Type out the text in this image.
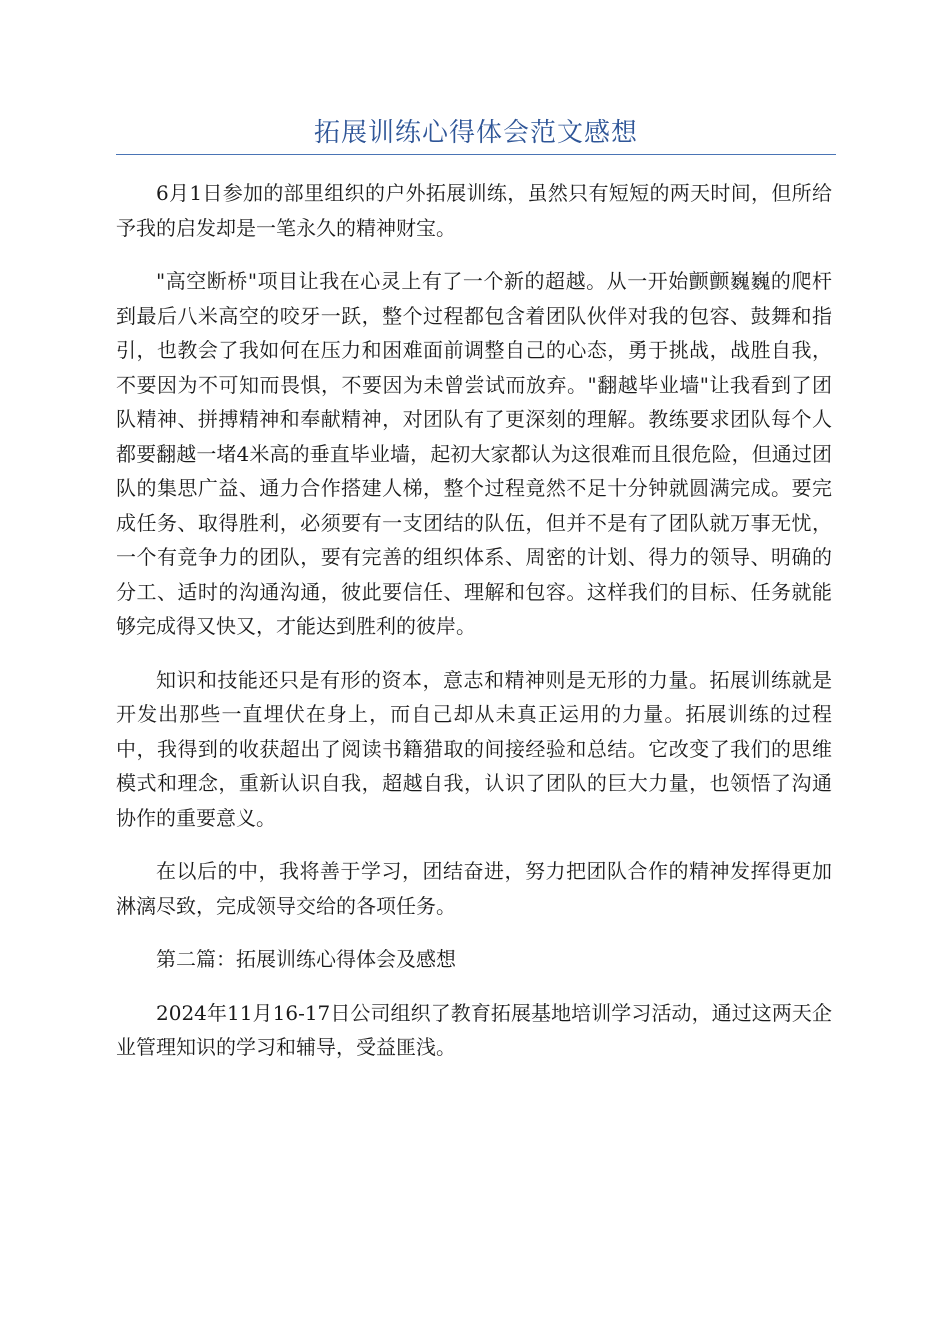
拓展训练心得体会范文感想

6月1日参加的部里组织的户外拓展训练，虽然只有短短的两天时间，但所给予我的启发却是一笔永久的精神财宝。

"高空断桥"项目让我在心灵上有了一个新的超越。从一开始颤颤巍巍的爬杆到最后八米高空的咬牙一跃，整个过程都包含着团队伙伴对我的包容、鼓舞和指引，也教会了我如何在压力和困难面前调整自己的心态，勇于挑战，战胜自我，不要因为不可知而畏惧，不要因为未曾尝试而放弃。"翻越毕业墙"让我看到了团队精神、拼搏精神和奉献精神，对团队有了更深刻的理解。教练要求团队每个人都要翻越一堵4米高的垂直毕业墙，起初大家都认为这很难而且很危险，但通过团队的集思广益、通力合作搭建人梯，整个过程竟然不足十分钟就圆满完成。要完成任务、取得胜利，必须要有一支团结的队伍，但并不是有了团队就万事无忧，一个有竞争力的团队，要有完善的组织体系、周密的计划、得力的领导、明确的分工、适时的沟通沟通，彼此要信任、理解和包容。这样我们的目标、任务就能够完成得又快又，才能达到胜利的彼岸。

知识和技能还只是有形的资本，意志和精神则是无形的力量。拓展训练就是开发出那些一直埋伏在身上，而自己却从未真正运用的力量。拓展训练的过程中，我得到的收获超出了阅读书籍猎取的间接经验和总结。它改变了我们的思维模式和理念，重新认识自我，超越自我，认识了团队的巨大力量，也领悟了沟通协作的重要意义。

在以后的中，我将善于学习，团结奋进，努力把团队合作的精神发挥得更加淋漓尽致，完成领导交给的各项任务。

第二篇：拓展训练心得体会及感想

2024年11月16-17日公司组织了教育拓展基地培训学习活动，通过这两天企业管理知识的学习和辅导，受益匪浅。
